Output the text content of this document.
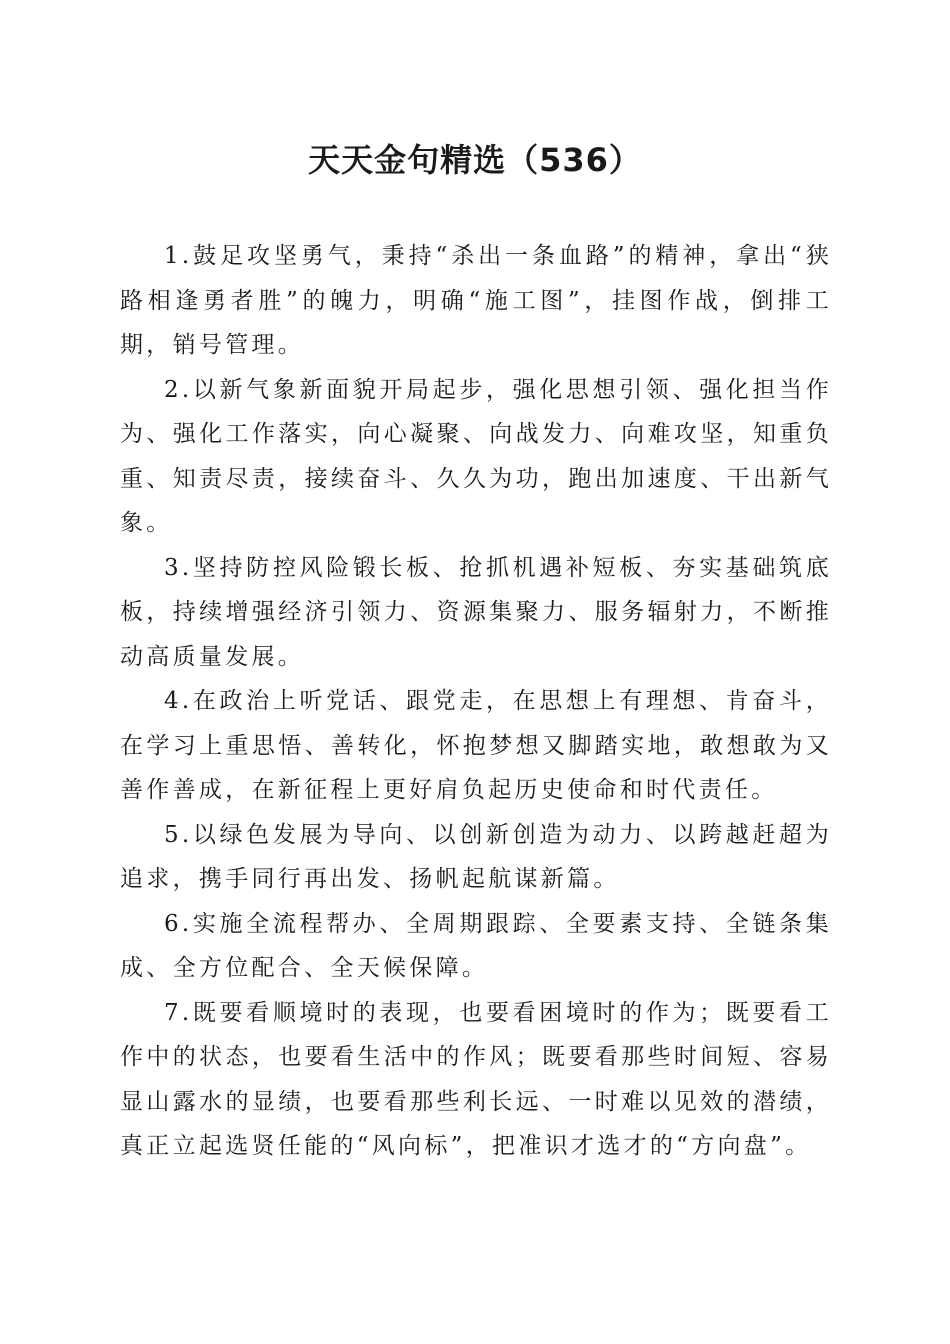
天天金句精选（536）

1.鼓足攻坚勇气，秉持“杀出一条血路”的精神，拿出“狭路相逢勇者胜”的魄力，明确“施工图”，挂图作战，倒排工期，销号管理。

2.以新气象新面貌开局起步，强化思想引领、强化担当作为、强化工作落实，向心凝聚、向战发力、向难攻坚，知重负重、知责尽责，接续奋斗、久久为功，跑出加速度、干出新气象。

3.坚持防控风险锻长板、抢抓机遇补短板、夯实基础筑底板，持续增强经济引领力、资源集聚力、服务辐射力，不断推动高质量发展。

4.在政治上听党话、跟党走，在思想上有理想、肯奋斗，在学习上重思悟、善转化，怀抱梦想又脚踏实地，敢想敢为又善作善成，在新征程上更好肩负起历史使命和时代责任。

5.以绿色发展为导向、以创新创造为动力、以跨越赶超为追求，携手同行再出发、扬帆起航谋新篇。

6.实施全流程帮办、全周期跟踪、全要素支持、全链条集成、全方位配合、全天候保障。

7.既要看顺境时的表现，也要看困境时的作为；既要看工作中的状态，也要看生活中的作风；既要看那些时间短、容易显山露水的显绩，也要看那些利长远、一时难以见效的潜绩，真正立起选贤任能的“风向标”，把准识才选才的“方向盘”。
